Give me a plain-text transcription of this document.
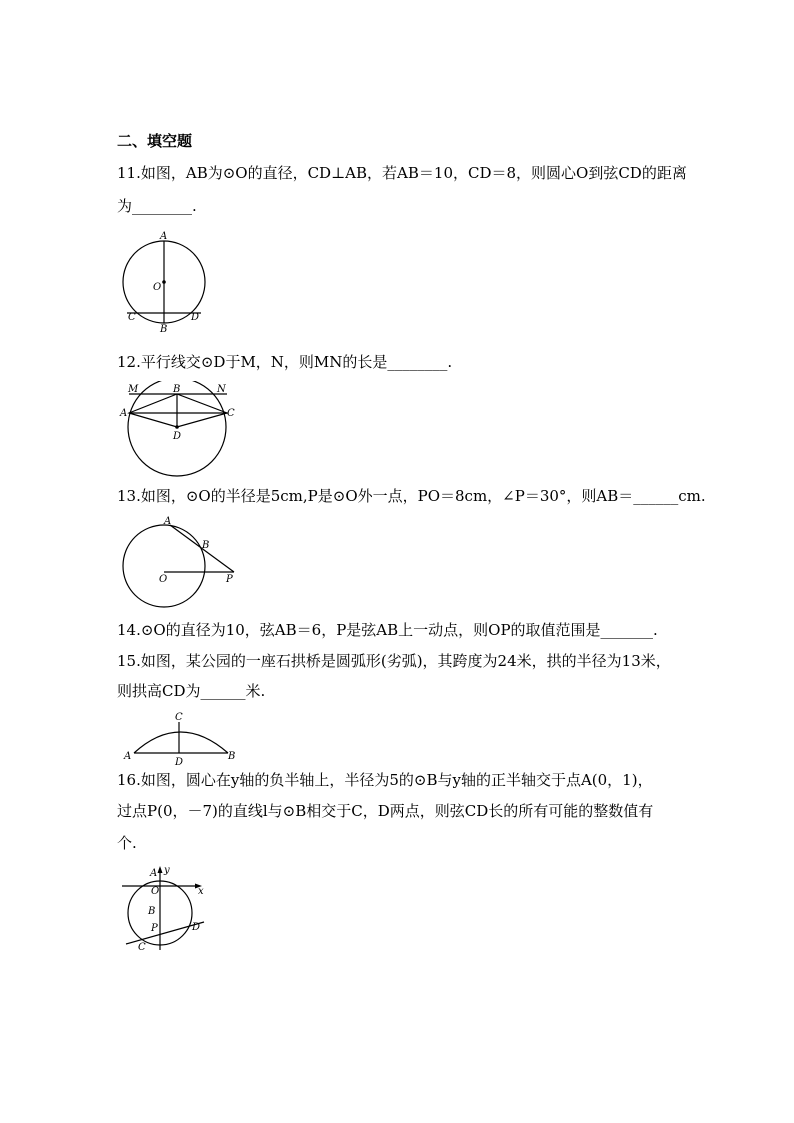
二、填空题
11.如图，AB为⊙O的直径，CD⊥AB，若AB＝10，CD＝8，则圆心O到弦CD的距离
为________.
A
O
C
B
D
12.平行线交⊙D于M，N，则MN的长是________.
M	B	N
A	C
D
13.如图，⊙O的半径是5cm,P是⊙O外一点，PO＝8cm，∠P＝30°，则AB＝______cm.
A
B
O	P
14.⊙O的直径为10，弦AB＝6，P是弦AB上一动点，则OP的取值范围是_______.
15.如图，某公园的一座石拱桥是圆弧形(劣弧)，其跨度为24米，拱的半径为13米，
则拱高CD为______米.
C
A
D
B
16.如图，圆心在y轴的负半轴上，半径为5的⊙B与y轴的正半轴交于点A(0，1)，
过点P(0，－7)的直线l与⊙B相交于C，D两点，则弦CD长的所有可能的整数值有
个.
A y
O	x
B
P	D
C
